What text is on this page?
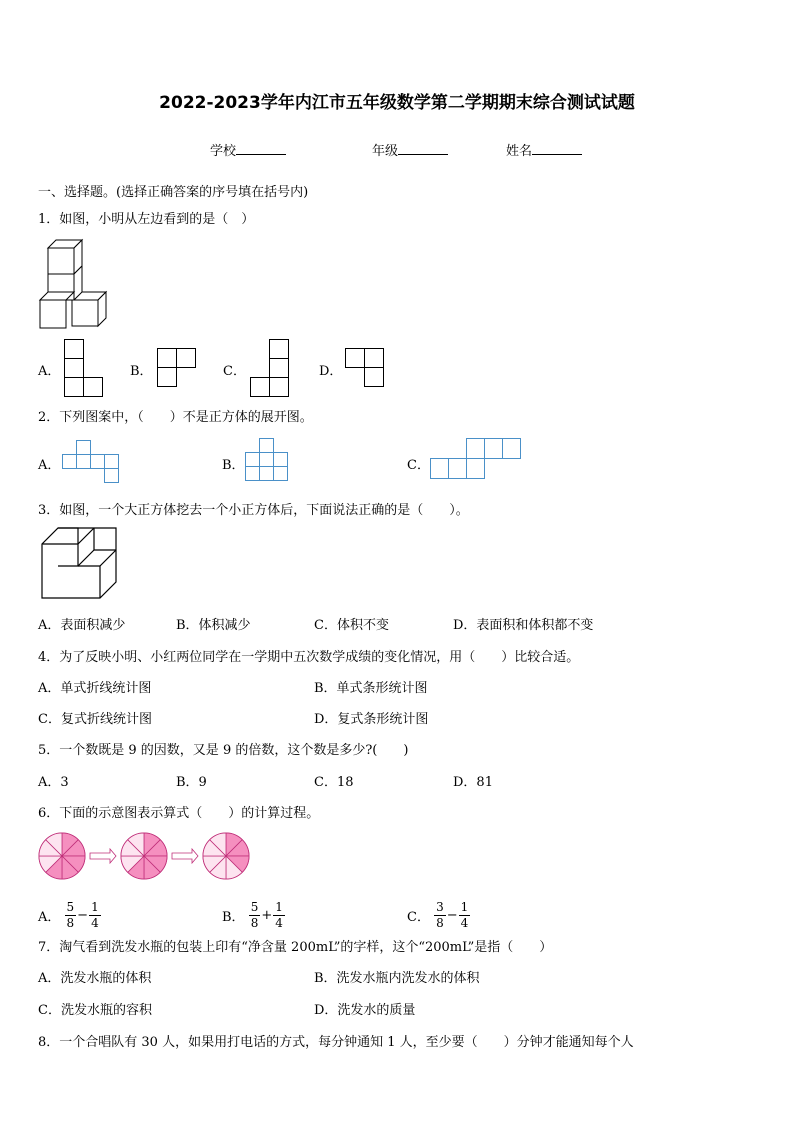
2022-2023学年内江市五年级数学第二学期期末综合测试试题
学校	年级	姓名
一、选择题。(选择正确答案的序号填在括号内)
1．如图，小明从左边看到的是（　）
A．	B．	C．	D．
2．下列图案中，（　　）不是正方体的展开图。
A．	B．	C．
3．如图，一个大正方体挖去一个小正方体后，下面说法正确的是（　　）。
A．表面积减少	B．体积减少	C．体积不变	D．表面积和体积都不变
4．为了反映小明、小红两位同学在一学期中五次数学成绩的变化情况，用（　　）比较合适。
A．单式折线统计图	B．单式条形统计图
C．复式折线统计图	D．复式条形统计图
5．一个数既是 9 的因数，又是 9 的倍数，这个数是多少?(　　)
A．3	B．9	C．18	D．81
6．下面的示意图表示算式（　　）的计算过程。
A． $\frac{5}{8} - \frac{1}{4}$	B． $\frac{5}{8} + \frac{1}{4}$	C． $\frac{3}{8} - \frac{1}{4}$
7．淘气看到洗发水瓶的包装上印有“净含量 200mL”的字样，这个“200mL”是指（　　）
A．洗发水瓶的体积	B．洗发水瓶内洗发水的体积
C．洗发水瓶的容积	D．洗发水的质量
8．一个合唱队有 30 人，如果用打电话的方式，每分钟通知 1 人，至少要（　　）分钟才能通知每个人
